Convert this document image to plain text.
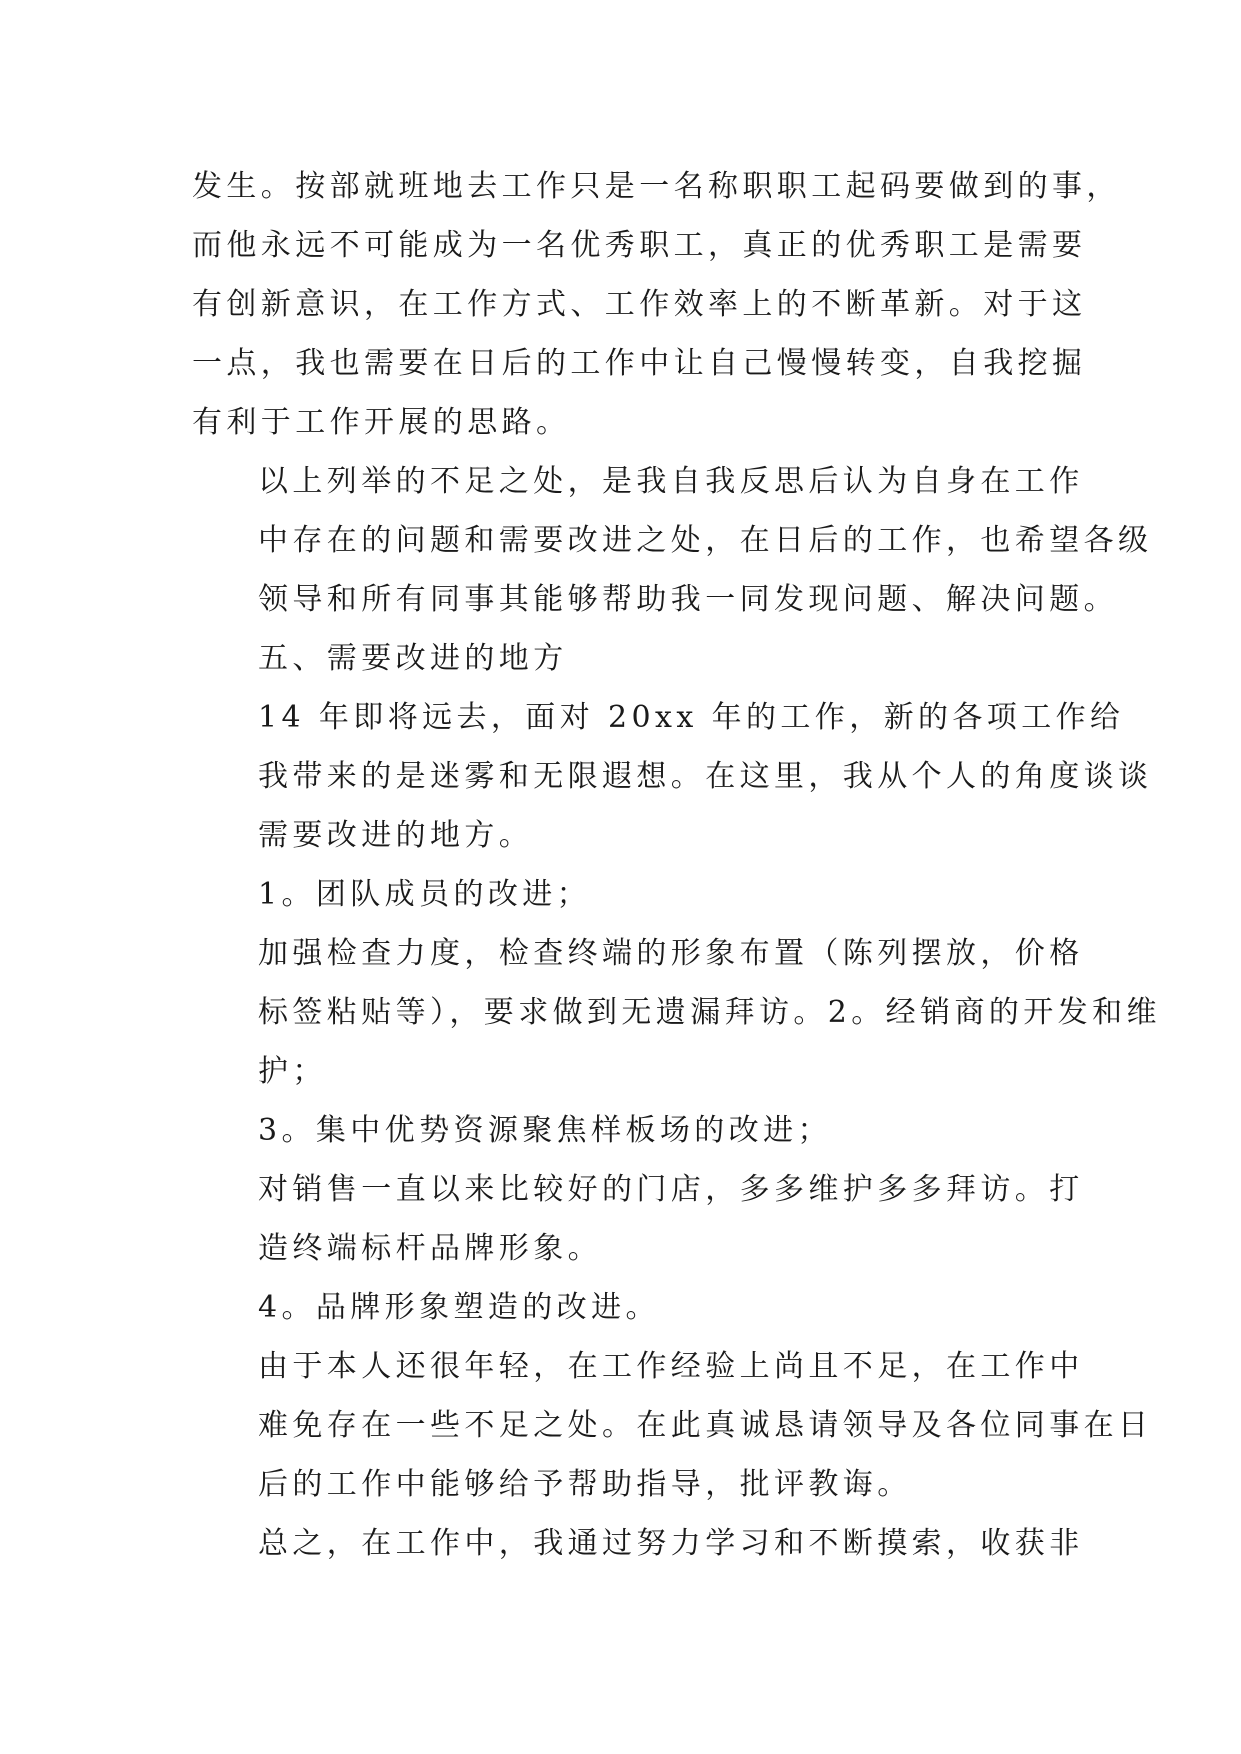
发生。按部就班地去工作只是一名称职职工起码要做到的事，
而他永远不可能成为一名优秀职工，真正的优秀职工是需要
有创新意识，在工作方式、工作效率上的不断革新。对于这
一点，我也需要在日后的工作中让自己慢慢转变，自我挖掘
有利于工作开展的思路。

以上列举的不足之处，是我自我反思后认为自身在工作
中存在的问题和需要改进之处，在日后的工作，也希望各级
领导和所有同事其能够帮助我一同发现问题、解决问题。

五、需要改进的地方

14 年即将远去，面对 20xx 年的工作，新的各项工作给
我带来的是迷雾和无限遐想。在这里，我从个人的角度谈谈
需要改进的地方。

1。团队成员的改进；

加强检查力度，检查终端的形象布置（陈列摆放，价格
标签粘贴等），要求做到无遗漏拜访。2。经销商的开发和维
护；

3。集中优势资源聚焦样板场的改进；

对销售一直以来比较好的门店，多多维护多多拜访。打
造终端标杆品牌形象。

4。品牌形象塑造的改进。

由于本人还很年轻，在工作经验上尚且不足，在工作中
难免存在一些不足之处。在此真诚恳请领导及各位同事在日
后的工作中能够给予帮助指导，批评教诲。

总之，在工作中，我通过努力学习和不断摸索，收获非
